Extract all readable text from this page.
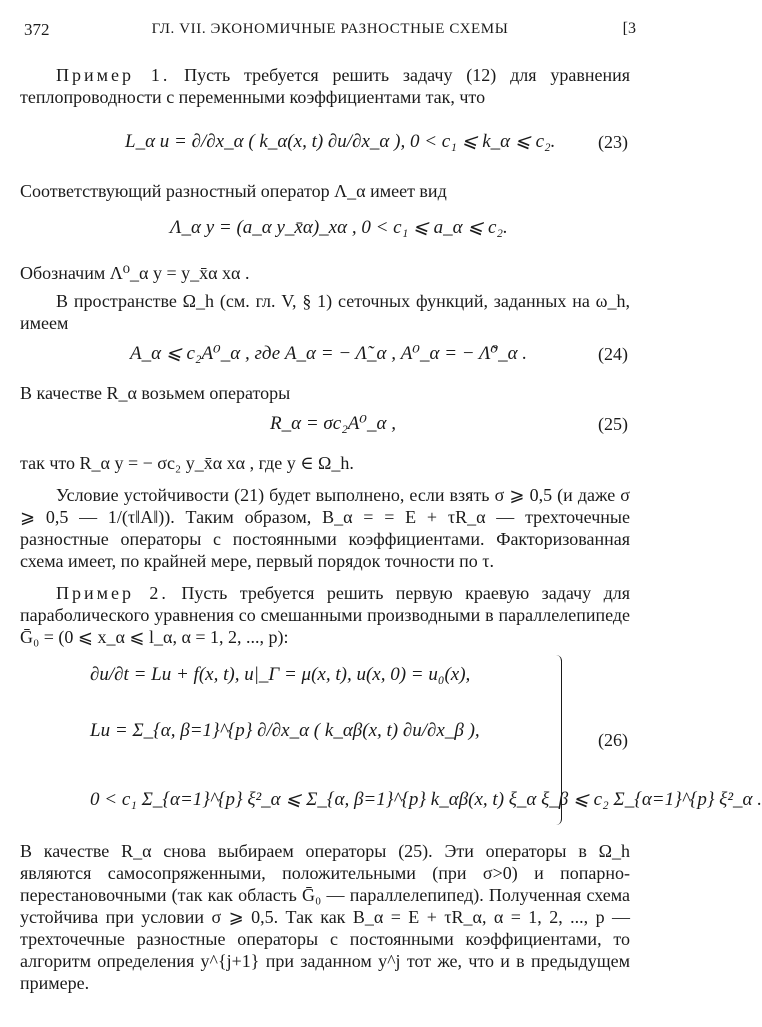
372	ГЛ. VII. ЭКОНОМИЧНЫЕ РАЗНОСТНЫЕ СХЕМЫ	[3

Пример 1. Пусть требуется решить задачу (12) для уравнения теплопроводности с переменными коэффициентами так, что

L_α u = ∂/∂x_α ( k_α(x, t) ∂u/∂x_α ), 0 < c₁ ⩽ k_α ⩽ c₂. (23)

Соответствующий разностный оператор Λ_α имеет вид

Λ_α y = (a_α y_x̄α)_xα , 0 < c₁ ⩽ a_α ⩽ c₂.

Обозначим Λ⁰_α y = y_x̄α xα .

В пространстве Ω_h (см. гл. V, § 1) сеточных функций, заданных на ω_h, имеем

A_α ⩽ c₂A⁰_α , где A_α = − Λ̃_α , A⁰_α = − Λ̃⁰_α .	(24)

В качестве R_α возьмем операторы

R_α = σc₂A⁰_α ,	(25)

так что R_α y = − σc₂ y_x̄α xα , где y ∈ Ω_h.

Условие устойчивости (21) будет выполнено, если взять σ ⩾ 0,5 (и даже σ ⩾ 0,5 — 1/(τ‖A‖)). Таким образом, B_α = = E + τR_α — трехточечные разностные операторы с постоянными коэффициентами. Факторизованная схема имеет, по крайней мере, первый порядок точности по τ.

Пример 2. Пусть требуется решить первую краевую задачу для параболического уравнения со смешанными производными в параллелепипеде Ḡ₀ = (0 ⩽ x_α ⩽ l_α, α = 1, 2, ..., p):

∂u/∂t = Lu + f(x, t), u|_Γ = μ(x, t), u(x, 0) = u₀(x),
Lu = Σ_{α, β=1}^{p} ∂/∂x_α ( k_αβ(x, t) ∂u/∂x_β ),
0 < c₁ Σ_{α=1}^{p} ξ²_α ⩽ Σ_{α, β=1}^{p} k_αβ(x, t) ξ_α ξ_β ⩽ c₂ Σ_{α=1}^{p} ξ²_α .
(26)

В качестве R_α снова выбираем операторы (25). Эти операторы в Ω_h являются самосопряженными, положительными (при σ>0) и попарно-перестановочными (так как область Ḡ₀ — параллелепипед). Полученная схема устойчива при условии σ ⩾ 0,5. Так как B_α = E + τR_α, α = 1, 2, ..., p — трехточечные разностные операторы с постоянными коэффициентами, то алгоритм определения y^{j+1} при заданном y^j тот же, что и в предыдущем примере.
